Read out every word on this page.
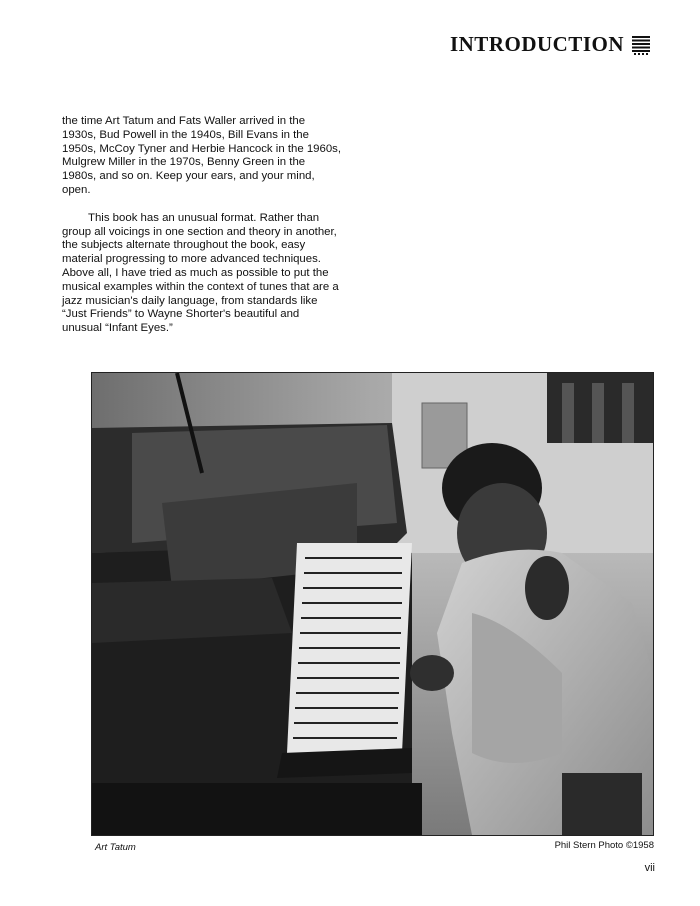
INTRODUCTION

the time Art Tatum and Fats Waller arrived in the 1930s, Bud Powell in the 1940s, Bill Evans in the 1950s, McCoy Tyner and Herbie Hancock in the 1960s, Mulgrew Miller in the 1970s, Benny Green in the 1980s, and so on. Keep your ears, and your mind, open.

This book has an unusual format. Rather than group all voicings in one section and theory in another, the subjects alternate throughout the book, easy material progressing to more advanced techniques. Above all, I have tried as much as possible to put the musical examples within the context of tunes that are a jazz musician's daily language, from standards like “Just Friends” to Wayne Shorter's beautiful and unusual “Infant Eyes.”

Art Tatum	Phil Stern Photo ©1958
vii
